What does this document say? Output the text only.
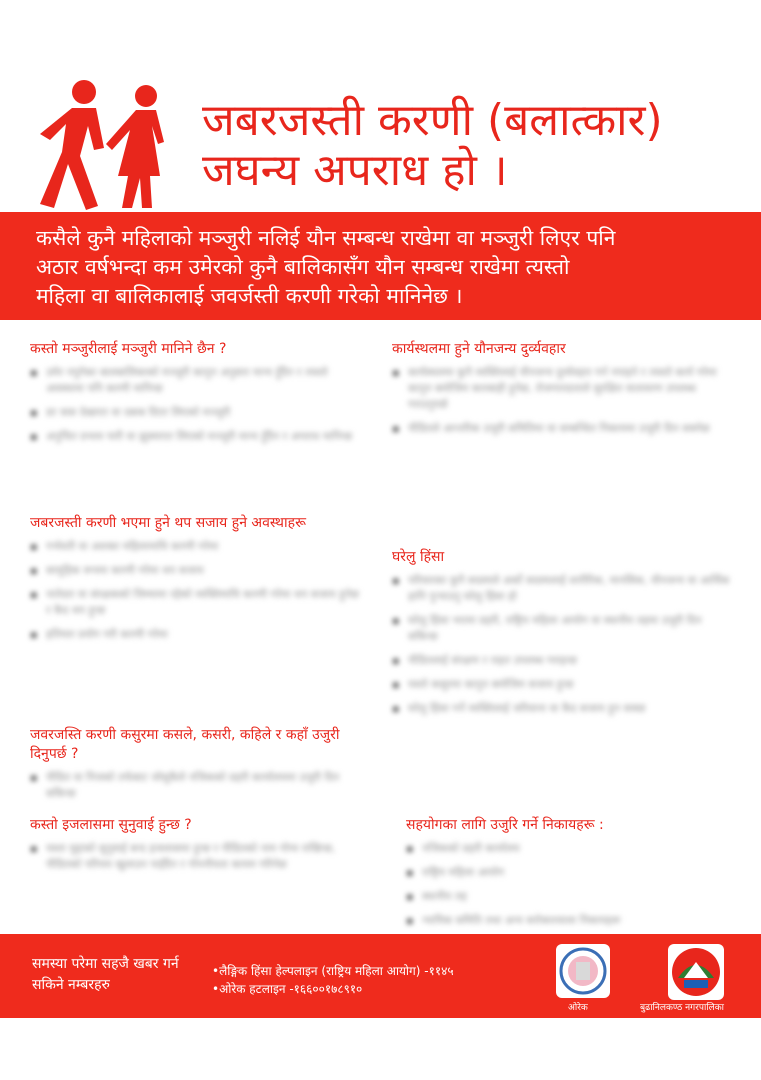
जबरजस्ती करणी (बलात्कार)
जघन्य अपराध हो ।
कसैले कुनै महिलाको मञ्जुरी नलिई यौन सम्बन्ध राखेमा वा मञ्जुरी लिएर पनि
अठार वर्षभन्दा कम उमेरको कुनै बालिकासँग यौन सम्बन्ध राखेमा त्यस्तो
महिला वा बालिकालाई जवर्जस्ती करणी गरेको मानिनेछ ।
कस्तो मञ्जुरीलाई मञ्जुरी मानिने छैन ?
▪ उमेर नपुगेका बालबालिकाको मञ्जुरी कानुन अनुसार मान्य हुँदैन र त्यस्तो अवस्थामा पनि करणी मानिन्छ
▪ डर त्रास देखाएर वा दबाब दिएर लिएको मञ्जुरी
▪ अनुचित प्रभाव पारी वा झुक्याएर लिएको मञ्जुरी मान्य हुँदैन र अपराध मानिन्छ
जबरजस्ती करणी भएमा हुने थप सजाय हुने अवस्थाहरू
▪ गर्भवती वा अशक्त महिलामाथि करणी गरेमा
▪ सामूहिक रूपमा करणी गरेमा थप सजाय
▪ नातेदार वा संरक्षकको जिम्मामा रहेको व्यक्तिमाथि करणी गरेमा थप सजाय हुनेछ र कैद थप हुन्छ
▪ हतियार प्रयोग गरी करणी गरेमा
जवरजस्ति करणी कसुरमा कसले, कसरी, कहिले र कहाँ उजुरी दिनुपर्छ ?
▪ पीडित वा निजको तर्फबाट जोसुकैले नजिकको प्रहरी कार्यालयमा उजुरी दिन सकिन्छ
कस्तो इजलासमा सुनुवाई हुन्छ ?
▪ यस्ता मुद्दाको सुनुवाई बन्द इजलासमा हुन्छ र पीडितको नाम गोप्य राखिन्छ, पीडितको परिचय खुलाउन पाइँदैन र गोपनीयता कायम गरिनेछ
कार्यस्थलमा हुने यौनजन्य दुर्व्यवहार
▪ कार्यस्थलमा कुनै व्यक्तिलाई यौनजन्य दुर्व्यवहार गर्न नपाइने र त्यस्तो कार्य गरेमा कानुन बमोजिम कारबाही हुनेछ, रोजगारदाताले सुरक्षित वातावरण उपलब्ध गराउनुपर्छ
▪ पीडितले आन्तरिक उजुरी समितिमा वा सम्बन्धित निकायमा उजुरी दिन सक्नेछ
घरेलु हिंसा
▪ परिवारका कुनै सदस्यले अर्को सदस्यलाई शारीरिक, मानसिक, यौनजन्य वा आर्थिक हानि पुर्‍याउनु घरेलु हिंसा हो
▪ घरेलु हिंसा भएमा प्रहरी, राष्ट्रिय महिला आयोग वा स्थानीय तहमा उजुरी दिन सकिन्छ
▪ पीडितलाई संरक्षण र राहत उपलब्ध गराइन्छ
▪ यस्तो कसुरमा कानुन बमोजिम सजाय हुन्छ
▪ घरेलु हिंसा गर्ने व्यक्तिलाई जरिवाना वा कैद सजाय हुन सक्छ
सहयोगका लागि उजुरि गर्ने निकायहरू :
▪ नजिकको प्रहरी कार्यालय
▪ राष्ट्रिय महिला आयोग
▪ स्थानीय तह
▪ न्यायिक समिति तथा अन्य सरोकारवाला निकायहरू
समस्या परेमा सहजै खबर गर्न सकिने नम्बरहरु
•लैङ्गिक हिंसा हेल्पलाइन (राष्ट्रिय महिला आयोग) -११४५
•ओरेक हटलाइन -१६६००१७८९१०
ओरेक	बुढानिलकण्ठ नगरपालिका
